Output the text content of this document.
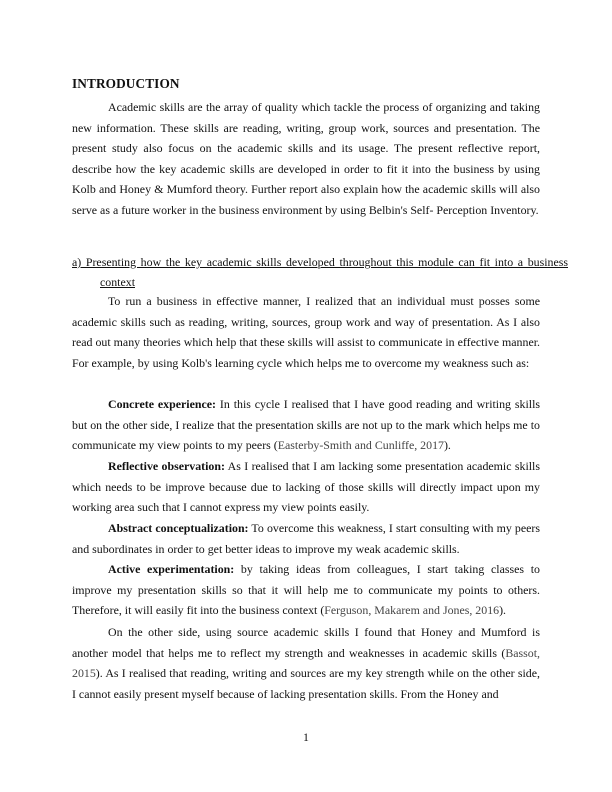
INTRODUCTION

Academic skills are the array of quality which tackle the process of organizing and taking new information. These skills are reading, writing, group work, sources and presentation. The present study also focus on the academic skills and its usage. The present reflective report, describe how the key academic skills are developed in order to fit it into the business by using Kolb and Honey & Mumford theory. Further report also explain how the academic skills will also serve as a future worker in the business environment by using Belbin's Self- Perception Inventory.

a) Presenting how the key academic skills developed throughout this module can fit into a business context

To run a business in effective manner, I realized that an individual must posses some academic skills such as reading, writing, sources, group work and way of presentation. As I also read out many theories which help that these skills will assist to communicate in effective manner. For example, by using Kolb's learning cycle which helps me to overcome my weakness such as:

Concrete experience: In this cycle I realised that I have good reading and writing skills but on the other side, I realize that the presentation skills are not up to the mark which helps me to communicate my view points to my peers (Easterby-Smith and Cunliffe, 2017).

Reflective observation: As I realised that I am lacking some presentation academic skills which needs to be improve because due to lacking of those skills will directly impact upon my working area such that I cannot express my view points easily.

Abstract conceptualization: To overcome this weakness, I start consulting with my peers and subordinates in order to get better ideas to improve my weak academic skills.

Active experimentation: by taking ideas from colleagues, I start taking classes to improve my presentation skills so that it will help me to communicate my points to others. Therefore, it will easily fit into the business context (Ferguson, Makarem and Jones, 2016).

On the other side, using source academic skills I found that Honey and Mumford is another model that helps me to reflect my strength and weaknesses in academic skills (Bassot, 2015). As I realised that reading, writing and sources are my key strength while on the other side, I cannot easily present myself because of lacking presentation skills. From the Honey and

1
